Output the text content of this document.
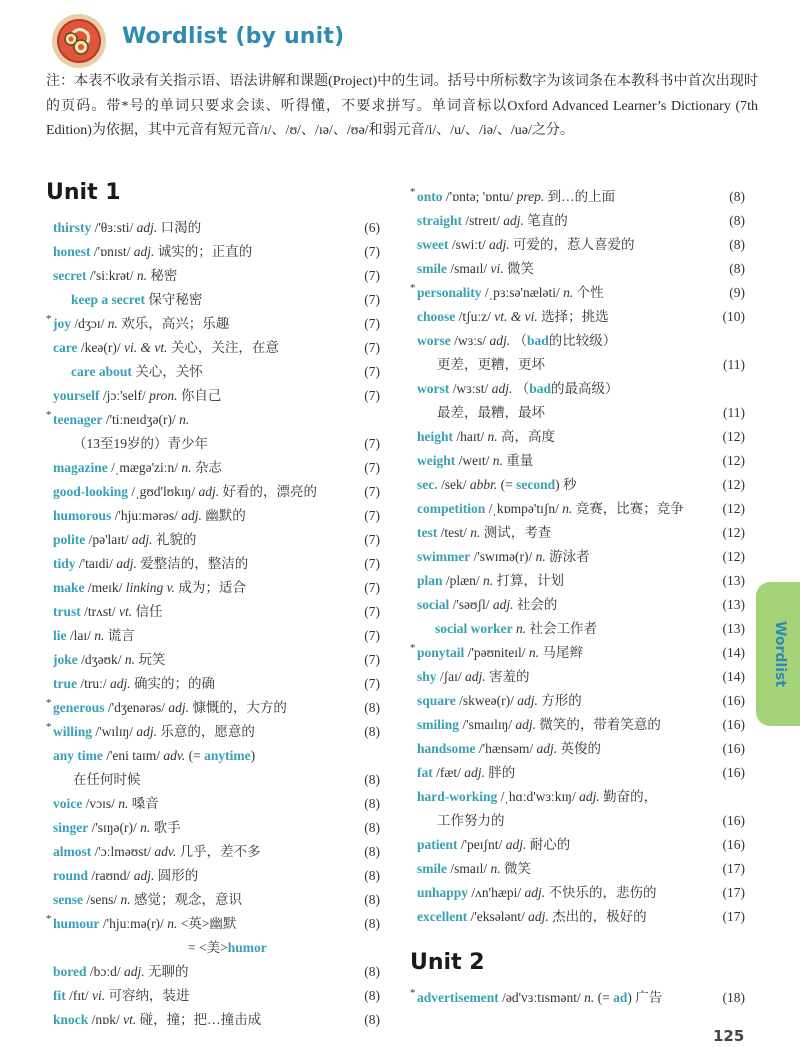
Wordlist (by unit)
注：本表不收录有关指示语、语法讲解和课题(Project)中的生词。括号中所标数字为该词条在本教科书中首次出现时的页码。带*号的单词只要求会读、听得懂，不要求拼写。单词音标以Oxford Advanced Learner’s Dictionary (7th Edition)为依据，其中元音有短元音/ɪ/、/ʊ/、/ɪə/、/ʊə/和弱元音/i/、/u/、/iə/、/uə/之分。
Unit 1
thirsty /'θɜːsti/ adj. 口渴的	(6)
honest /'ɒnɪst/ adj. 诚实的；正直的	(7)
secret /'siːkrət/ n. 秘密	(7)
keep a secret 保守秘密	(7)
* joy /dʒɔɪ/ n. 欢乐，高兴；乐趣	(7)
care /keə(r)/ vi. & vt. 关心，关注，在意	(7)
care about 关心，关怀	(7)
yourself /jɔː'self/ pron. 你自己	(7)
* teenager /'tiːneɪdʒə(r)/ n.
（13至19岁的）青少年	(7)
magazine /ˌmægə'ziːn/ n. 杂志	(7)
good-looking /ˌgʊd'lʊkɪŋ/ adj. 好看的，漂亮的	(7)
humorous /'hjuːmərəs/ adj. 幽默的	(7)
polite /pə'laɪt/ adj. 礼貌的	(7)
tidy /'taɪdi/ adj. 爱整洁的，整洁的	(7)
make /meɪk/ linking v. 成为；适合	(7)
trust /trʌst/ vt. 信任	(7)
lie /laɪ/ n. 谎言	(7)
joke /dʒəʊk/ n. 玩笑	(7)
true /truː/ adj. 确实的；的确	(7)
* generous /'dʒenərəs/ adj. 慷慨的，大方的	(8)
* willing /'wɪlɪŋ/ adj. 乐意的，愿意的	(8)
any time /'eni taɪm/ adv. (= anytime)
在任何时候	(8)
voice /vɔɪs/ n. 嗓音	(8)
singer /'sɪŋə(r)/ n. 歌手	(8)
almost /'ɔːlməʊst/ adv. 几乎，差不多	(8)
round /raʊnd/ adj. 圆形的	(8)
sense /sens/ n. 感觉；观念，意识	(8)
* humour /'hjuːmə(r)/ n. <英>幽默	(8)
= <美>humor
bored /bɔːd/ adj. 无聊的	(8)
fit /fɪt/ vi. 可容纳，装进	(8)
knock /nɒk/ vt. 碰，撞；把…撞击成	(8)
* onto /'ɒntə; 'ɒntu/ prep. 到…的上面	(8)
straight /streɪt/ adj. 笔直的	(8)
sweet /swiːt/ adj. 可爱的，惹人喜爱的	(8)
smile /smaɪl/ vi. 微笑	(8)
* personality /ˌpɜːsə'næləti/ n. 个性	(9)
choose /tʃuːz/ vt. & vi. 选择；挑选	(10)
worse /wɜːs/ adj. （bad的比较级）
更差，更糟，更坏	(11)
worst /wɜːst/ adj. （bad的最高级）
最差，最糟，最坏	(11)
height /haɪt/ n. 高，高度	(12)
weight /weɪt/ n. 重量	(12)
sec. /sek/ abbr. (= second) 秒	(12)
competition /ˌkɒmpə'tɪʃn/ n. 竞赛，比赛；竞争	(12)
test /test/ n. 测试，考查	(12)
swimmer /'swɪmə(r)/ n. 游泳者	(12)
plan /plæn/ n. 打算，计划	(13)
social /'səʊʃl/ adj. 社会的	(13)
social worker n. 社会工作者	(13)
* ponytail /'pəʊniteɪl/ n. 马尾辫	(14)
shy /ʃaɪ/ adj. 害羞的	(14)
square /skweə(r)/ adj. 方形的	(16)
smiling /'smaɪlɪŋ/ adj. 微笑的，带着笑意的	(16)
handsome /'hænsəm/ adj. 英俊的	(16)
fat /fæt/ adj. 胖的	(16)
hard-working /ˌhɑːd'wɜːkɪŋ/ adj. 勤奋的，
工作努力的	(16)
patient /'peɪʃnt/ adj. 耐心的	(16)
smile /smaɪl/ n. 微笑	(17)
unhappy /ʌn'hæpi/ adj. 不快乐的，悲伤的	(17)
excellent /'eksələnt/ adj. 杰出的，极好的	(17)
Unit 2
* advertisement /əd'vɜːtɪsmənt/ n. (= ad) 广告	(18)
Wordlist
125
